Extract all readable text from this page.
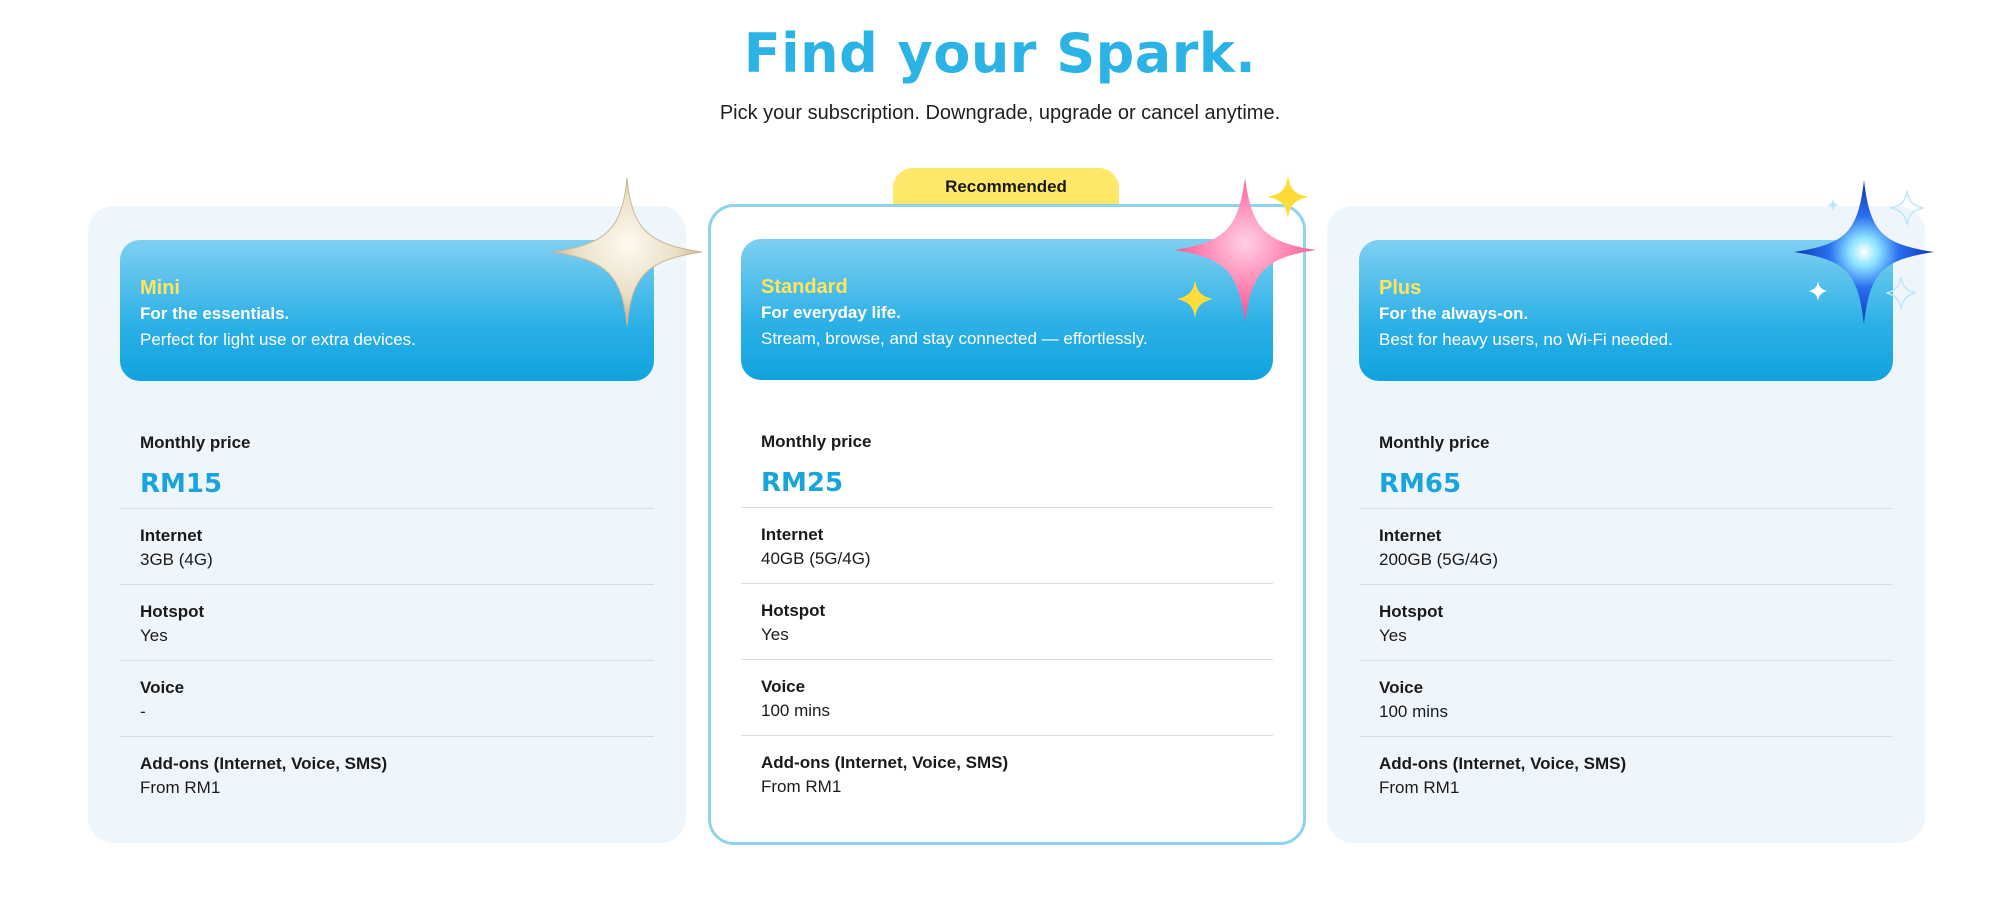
Find your Spark.
Pick your subscription. Downgrade, upgrade or cancel anytime.
Mini
For the essentials.
Perfect for light use or extra devices.
Monthly price
RM15
Internet
3GB (4G)
Hotspot
Yes
Voice
-
Add-ons (Internet, Voice, SMS)
From RM1
Recommended
Standard
For everyday life.
Stream, browse, and stay connected — effortlessly.
Monthly price
RM25
Internet
40GB (5G/4G)
Hotspot
Yes
Voice
100 mins
Add-ons (Internet, Voice, SMS)
From RM1
Plus
For the always-on.
Best for heavy users, no Wi-Fi needed.
Monthly price
RM65
Internet
200GB (5G/4G)
Hotspot
Yes
Voice
100 mins
Add-ons (Internet, Voice, SMS)
From RM1
